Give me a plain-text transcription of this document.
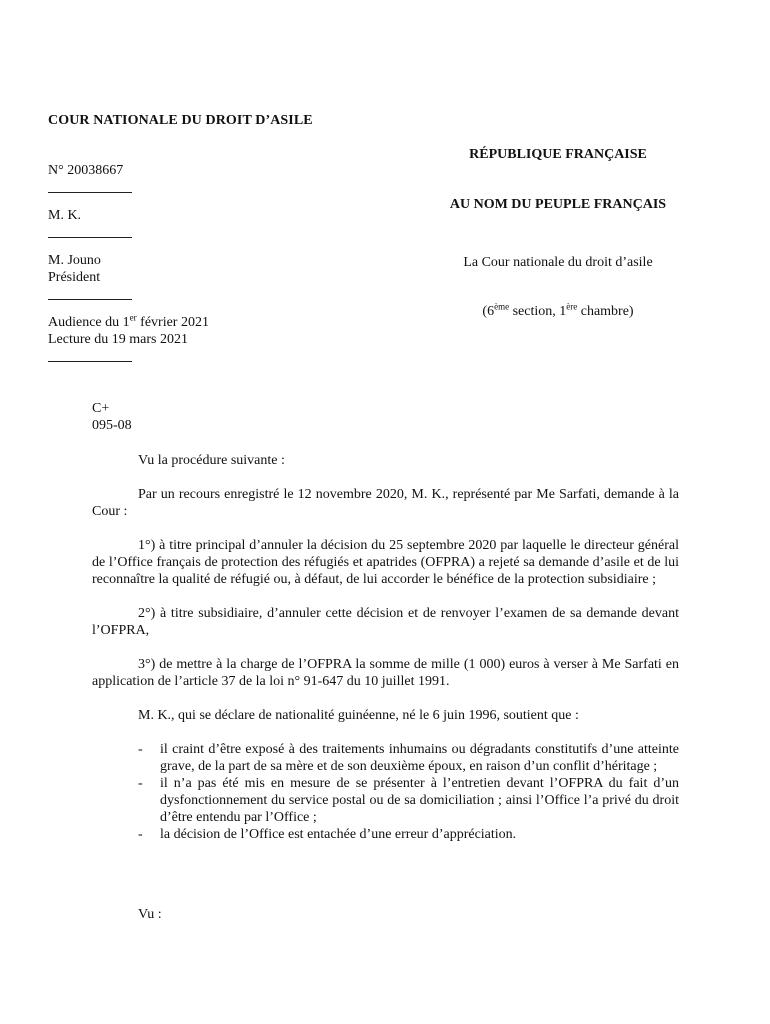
COUR NATIONALE DU DROIT D’ASILE

N° 20038667

M. K.

M. Jouno

Président

Audience du 1er février 2021

Lecture du 19 mars 2021

RÉPUBLIQUE FRANÇAISE
AU NOM DU PEUPLE FRANÇAIS
La Cour nationale du droit d’asile
(6ème section, 1ère chambre)
C+
095-08

Vu la procédure suivante :

Par un recours enregistré le 12 novembre 2020, M. K., représenté par Me Sarfati, demande à la Cour :

1°) à titre principal d’annuler la décision du 25 septembre 2020 par laquelle le directeur général de l’Office français de protection des réfugiés et apatrides (OFPRA) a rejeté sa demande d’asile et de lui reconnaître la qualité de réfugié ou, à défaut, de lui accorder le bénéfice de la protection subsidiaire ;

2°) à titre subsidiaire, d’annuler cette décision et de renvoyer l’examen de sa demande devant l’OFPRA,

3°) de mettre à la charge de l’OFPRA la somme de mille (1 000) euros à verser à Me Sarfati en application de l’article 37 de la loi n° 91-647 du 10 juillet 1991.

M. K., qui se déclare de nationalité guinéenne, né le 6 juin 1996, soutient que :

-	il craint d’être exposé à des traitements inhumains ou dégradants constitutifs d’une atteinte grave, de la part de sa mère et de son deuxième époux, en raison d’un conflit d’héritage ;
-	il n’a pas été mis en mesure de se présenter à l’entretien devant l’OFPRA du fait d’un dysfonctionnement du service postal ou de sa domiciliation ; ainsi l’Office l’a privé du droit d’être entendu par l’Office ;
-	la décision de l’Office est entachée d’une erreur d’appréciation.
Vu :
